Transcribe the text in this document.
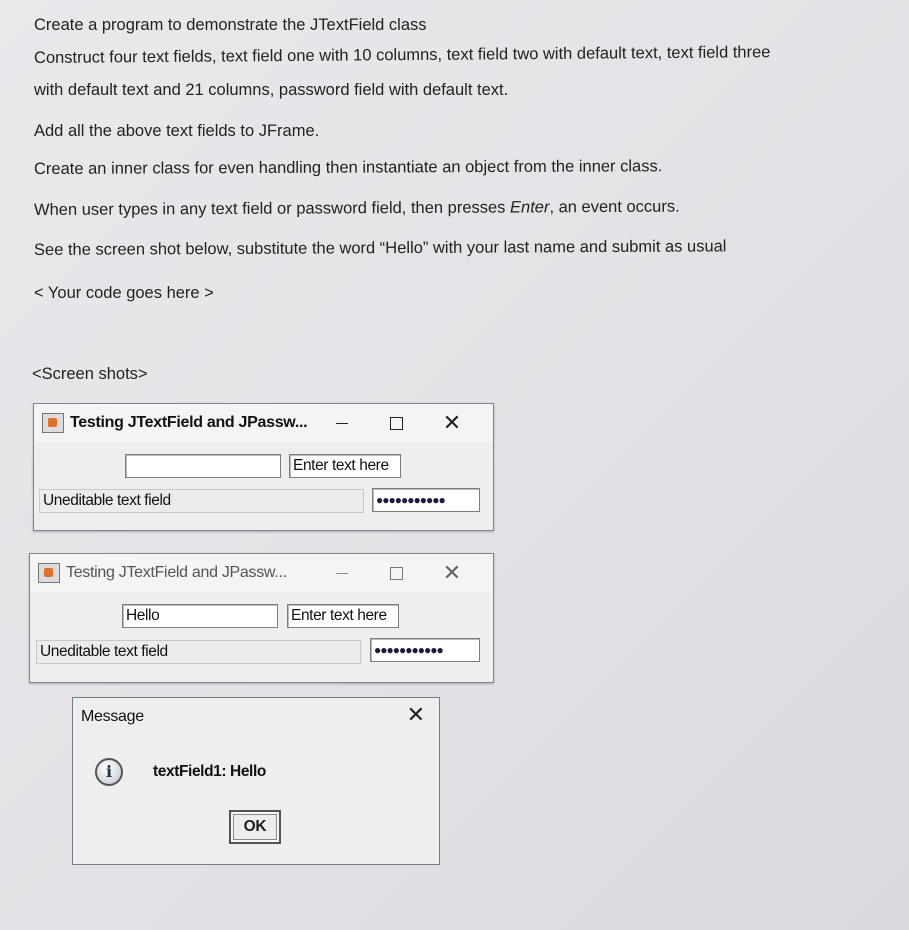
Create a program to demonstrate the JTextField class
Construct four text fields, text field one with 10 columns, text field two with default text, text field three
with default text and 21 columns, password field with default text.
Add all the above text fields to JFrame.
Create an inner class for even handling then instantiate an object from the inner class.
When user types in any text field or password field, then presses Enter, an event occurs.
See the screen shot below, substitute the word “Hello” with your last name and submit as usual
< Your code goes here >
<Screen shots>
Testing JTextField and JPassw...	✕
Enter text here
Uneditable text field	●●●●●●●●●●●
Testing JTextField and JPassw...	✕
Hello	Enter text here
Uneditable text field	●●●●●●●●●●●
Message	✕
i	textField1: Hello
OK
